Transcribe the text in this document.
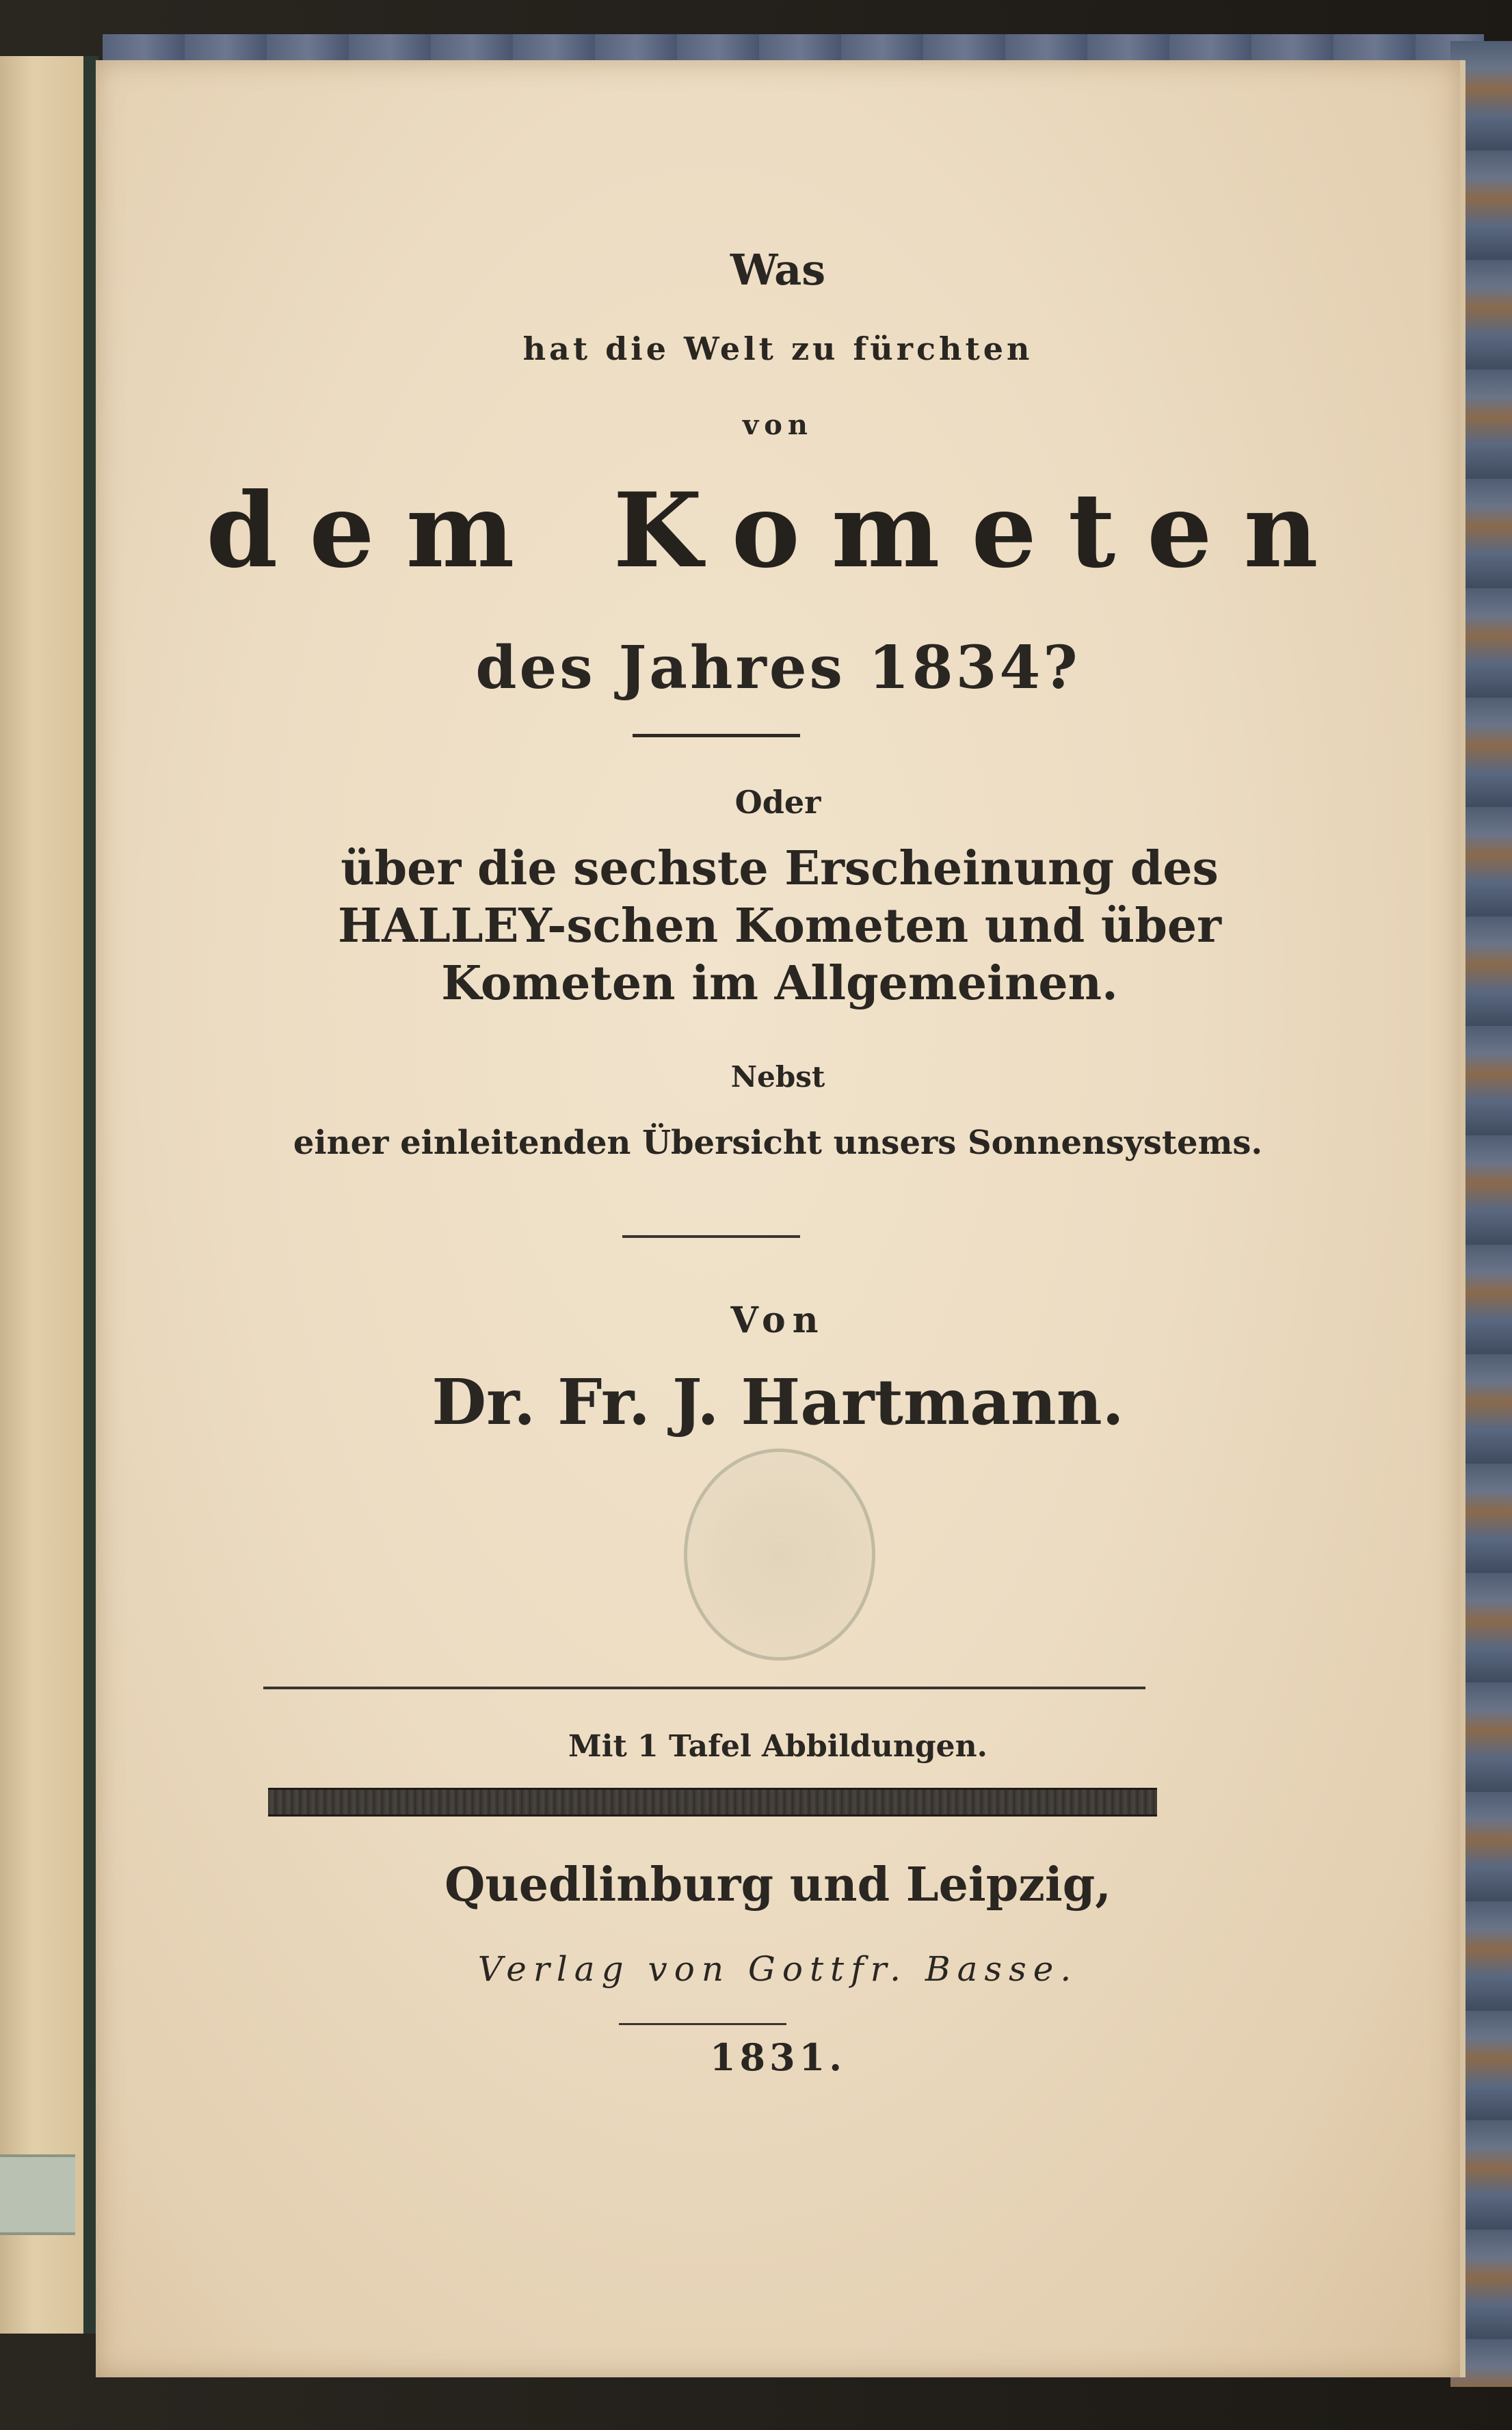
Was
hat die Welt zu fürchten
von
dem Kometen
des Jahres 1834?
Oder
über die sechste Erscheinung des HALLEY-schen Kometen und über Kometen im Allgemeinen.
Nebst
einer einleitenden Übersicht unsers Sonnensystems.
Von
Dr. Fr. J. Hartmann.
Mit 1 Tafel Abbildungen.
Quedlinburg und Leipzig,
Verlag von Gottfr. Basse.
1831.
